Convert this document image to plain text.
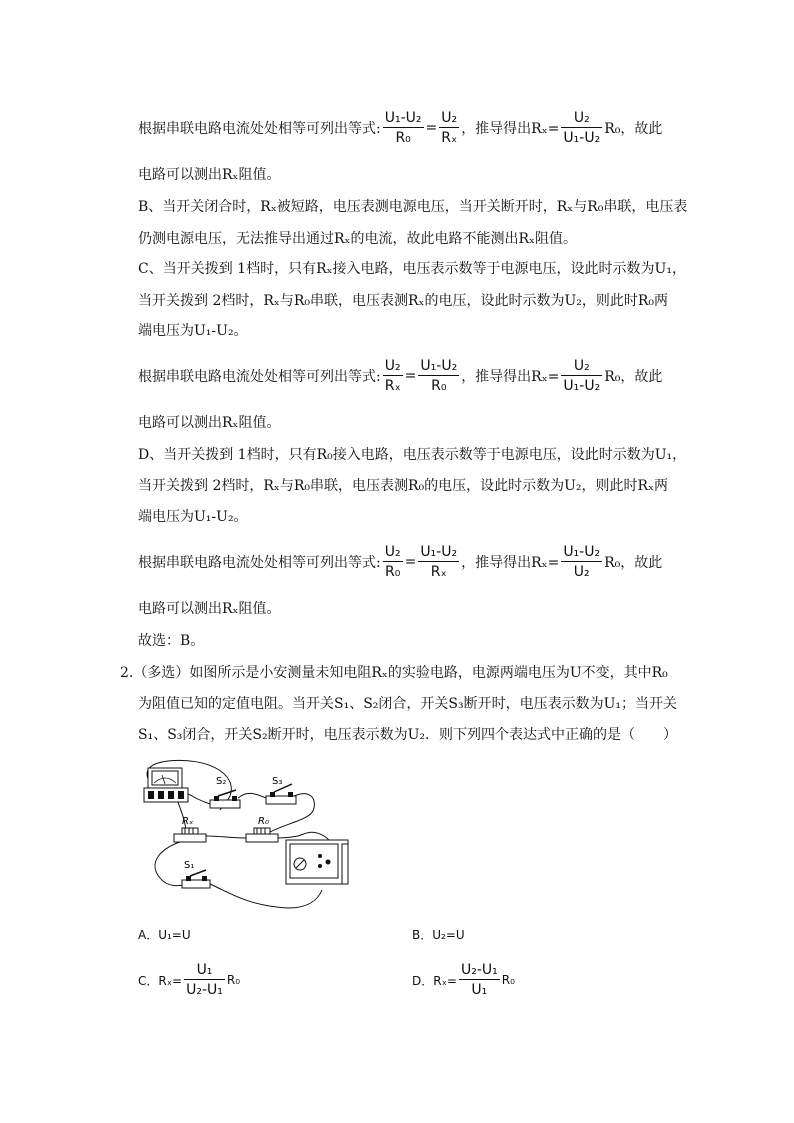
根据串联电路电流处处相等可列出等式: $\frac{\text{U₁-U₂}}{\text{R₀}} = \frac{\text{U₂}}{\text{Rₓ}}$ ，推导得出$R_x= \frac{\text{U₂}}{\text{U₁-U₂}} R_0$，故此
电路可以测出Rₓ阻值。
B、当开关闭合时，Rₓ被短路，电压表测电源电压，当开关断开时，Rₓ与R₀串联，电压表
仍测电源电压，无法推导出通过Rₓ的电流，故此电路不能测出Rₓ阻值。
C、当开关拨到 1档时，只有Rₓ接入电路，电压表示数等于电源电压，设此时示数为U₁，
当开关拨到 2档时，Rₓ与R₀串联，电压表测Rₓ的电压，设此时示数为U₂，则此时R₀两
端电压为U₁-U₂。
根据串联电路电流处处相等可列出等式: $\frac{\text{U₂}}{\text{Rₓ}} = \frac{\text{U₁-U₂}}{\text{R₀}}$ ，推导得出$R_x= \frac{\text{U₂}}{\text{U₁-U₂}} R_0$，故此
电路可以测出Rₓ阻值。
D、当开关拨到 1档时，只有R₀接入电路，电压表示数等于电源电压，设此时示数为U₁，
当开关拨到 2档时，Rₓ与R₀串联，电压表测R₀的电压，设此时示数为U₂，则此时Rₓ两
端电压为U₁-U₂。
根据串联电路电流处处相等可列出等式: $\frac{\text{U₂}}{\text{R₀}} = \frac{\text{U₁-U₂}}{\text{Rₓ}}$ ，推导得出$R_x= \frac{\text{U₁-U₂}}{\text{U₂}} R_0$，故此
电路可以测出Rₓ阻值。
故选：B。
2.（多选）如图所示是小安测量未知电阻Rₓ的实验电路，电源两端电压为U不变，其中R₀
为阻值已知的定值电阻。当开关S₁、S₂闭合，开关S₃断开时，电压表示数为U₁；当开关
S₁、S₃闭合，开关S₂断开时，电压表示数为U₂．则下列四个表达式中正确的是（　　）
S₂	S₃
Rₓ	R₀
S₁
A．U₁=U	B．U₂=U
C．$R_x= \frac{\text{U₁}}{\text{U₂-U₁}} R_0$	D．$R_x= \frac{\text{U₂-U₁}}{\text{U₁}} R_0$
